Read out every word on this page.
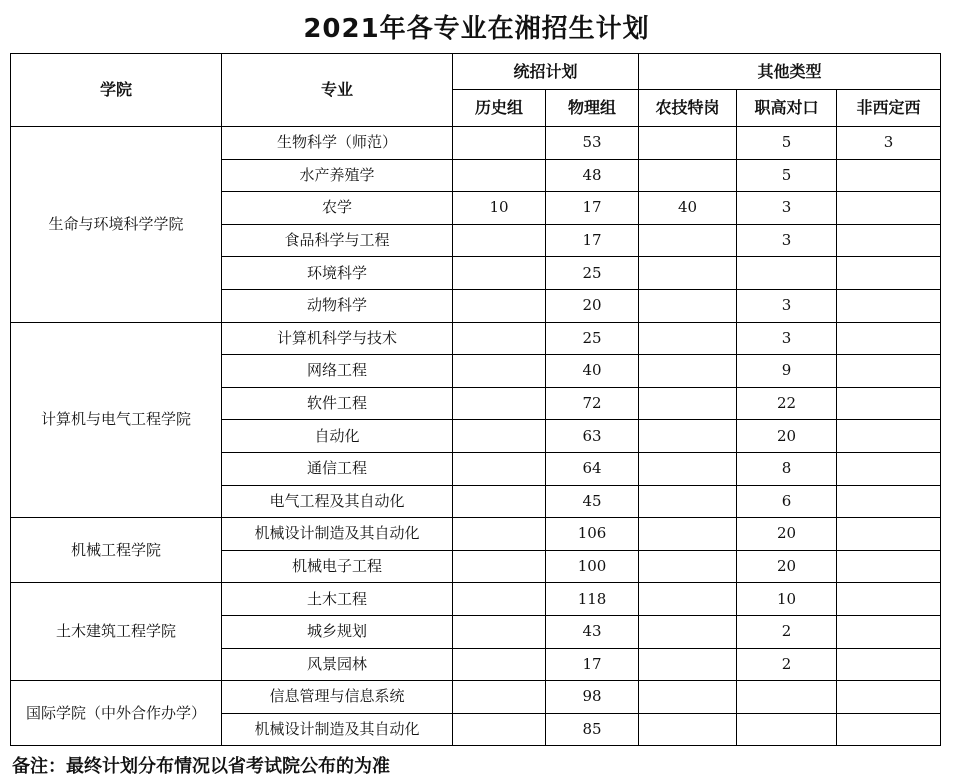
2021年各专业在湘招生计划
学院	专业	统招计划		其他类型		
		历史组	物理组	农技特岗	职高对口	非西定西
生命与环境科学学院	生物科学（师范）		53		5	3
	水产养殖学		48		5	
	农学	10	17	40	3	
	食品科学与工程		17		3	
	环境科学		25			
	动物科学		20		3	
计算机与电气工程学院	计算机科学与技术		25		3	
	网络工程		40		9	
	软件工程		72		22	
	自动化		63		20	
	通信工程		64		8	
	电气工程及其自动化		45		6	
机械工程学院	机械设计制造及其自动化		106		20	
	机械电子工程		100		20	
土木建筑工程学院	土木工程		118		10	
	城乡规划		43		2	
	风景园林		17		2	
国际学院（中外合作办学）	信息管理与信息系统		98			
	机械设计制造及其自动化		85			
备注：最终计划分布情况以省考试院公布的为准
